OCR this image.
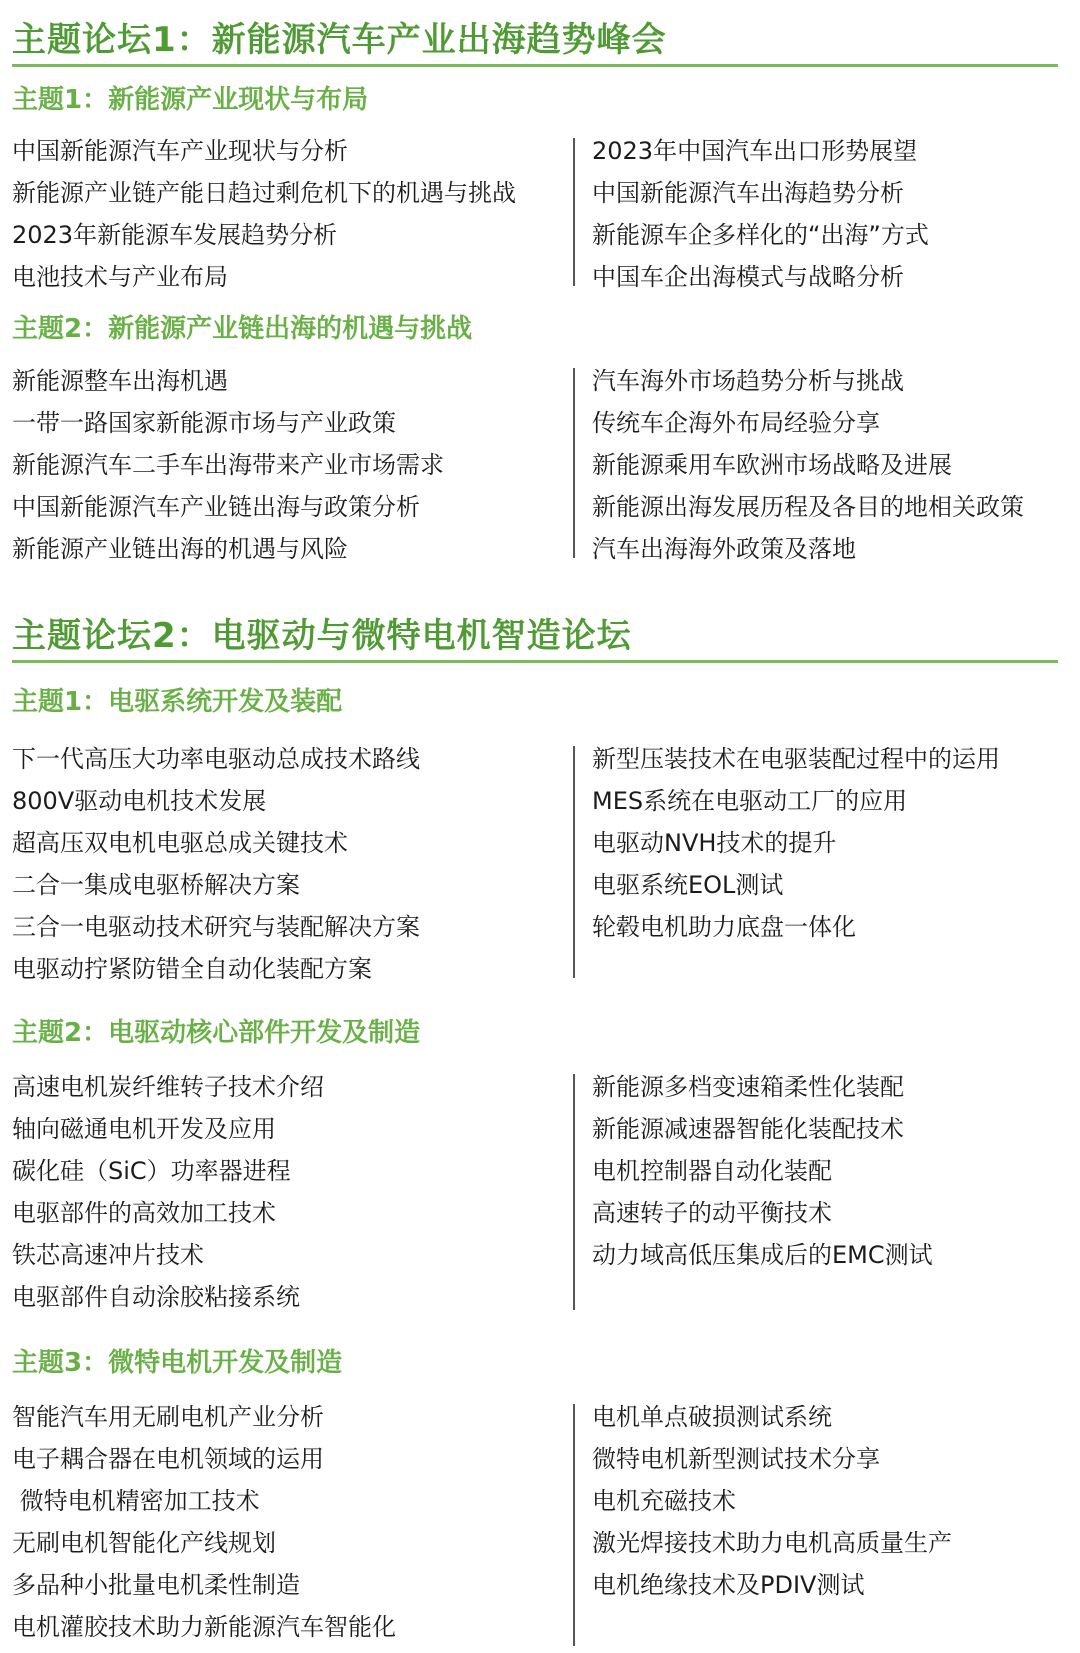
主题论坛1：新能源汽车产业出海趋势峰会
主题1：新能源产业现状与布局
中国新能源汽车产业现状与分析
新能源产业链产能日趋过剩危机下的机遇与挑战
2023年新能源车发展趋势分析
电池技术与产业布局
2023年中国汽车出口形势展望
中国新能源汽车出海趋势分析
新能源车企多样化的“出海”方式
中国车企出海模式与战略分析
主题2：新能源产业链出海的机遇与挑战
新能源整车出海机遇
一带一路国家新能源市场与产业政策
新能源汽车二手车出海带来产业市场需求
中国新能源汽车产业链出海与政策分析
新能源产业链出海的机遇与风险
汽车海外市场趋势分析与挑战
传统车企海外布局经验分享
新能源乘用车欧洲市场战略及进展
新能源出海发展历程及各目的地相关政策
汽车出海海外政策及落地
主题论坛2：电驱动与微特电机智造论坛
主题1：电驱系统开发及装配
下一代高压大功率电驱动总成技术路线
800V驱动电机技术发展
超高压双电机电驱总成关键技术
二合一集成电驱桥解决方案
三合一电驱动技术研究与装配解决方案
电驱动拧紧防错全自动化装配方案
新型压装技术在电驱装配过程中的运用
MES系统在电驱动工厂的应用
电驱动NVH技术的提升
电驱系统EOL测试
轮毂电机助力底盘一体化
主题2：电驱动核心部件开发及制造
高速电机炭纤维转子技术介绍
轴向磁通电机开发及应用
碳化硅（SiC）功率器进程
电驱部件的高效加工技术
铁芯高速冲片技术
电驱部件自动涂胶粘接系统
新能源多档变速箱柔性化装配
新能源减速器智能化装配技术
电机控制器自动化装配
高速转子的动平衡技术
动力域高低压集成后的EMC测试
主题3：微特电机开发及制造
智能汽车用无刷电机产业分析
电子耦合器在电机领域的运用
微特电机精密加工技术
无刷电机智能化产线规划
多品种小批量电机柔性制造
电机灌胶技术助力新能源汽车智能化
电机单点破损测试系统
微特电机新型测试技术分享
电机充磁技术
激光焊接技术助力电机高质量生产
电机绝缘技术及PDIV测试
